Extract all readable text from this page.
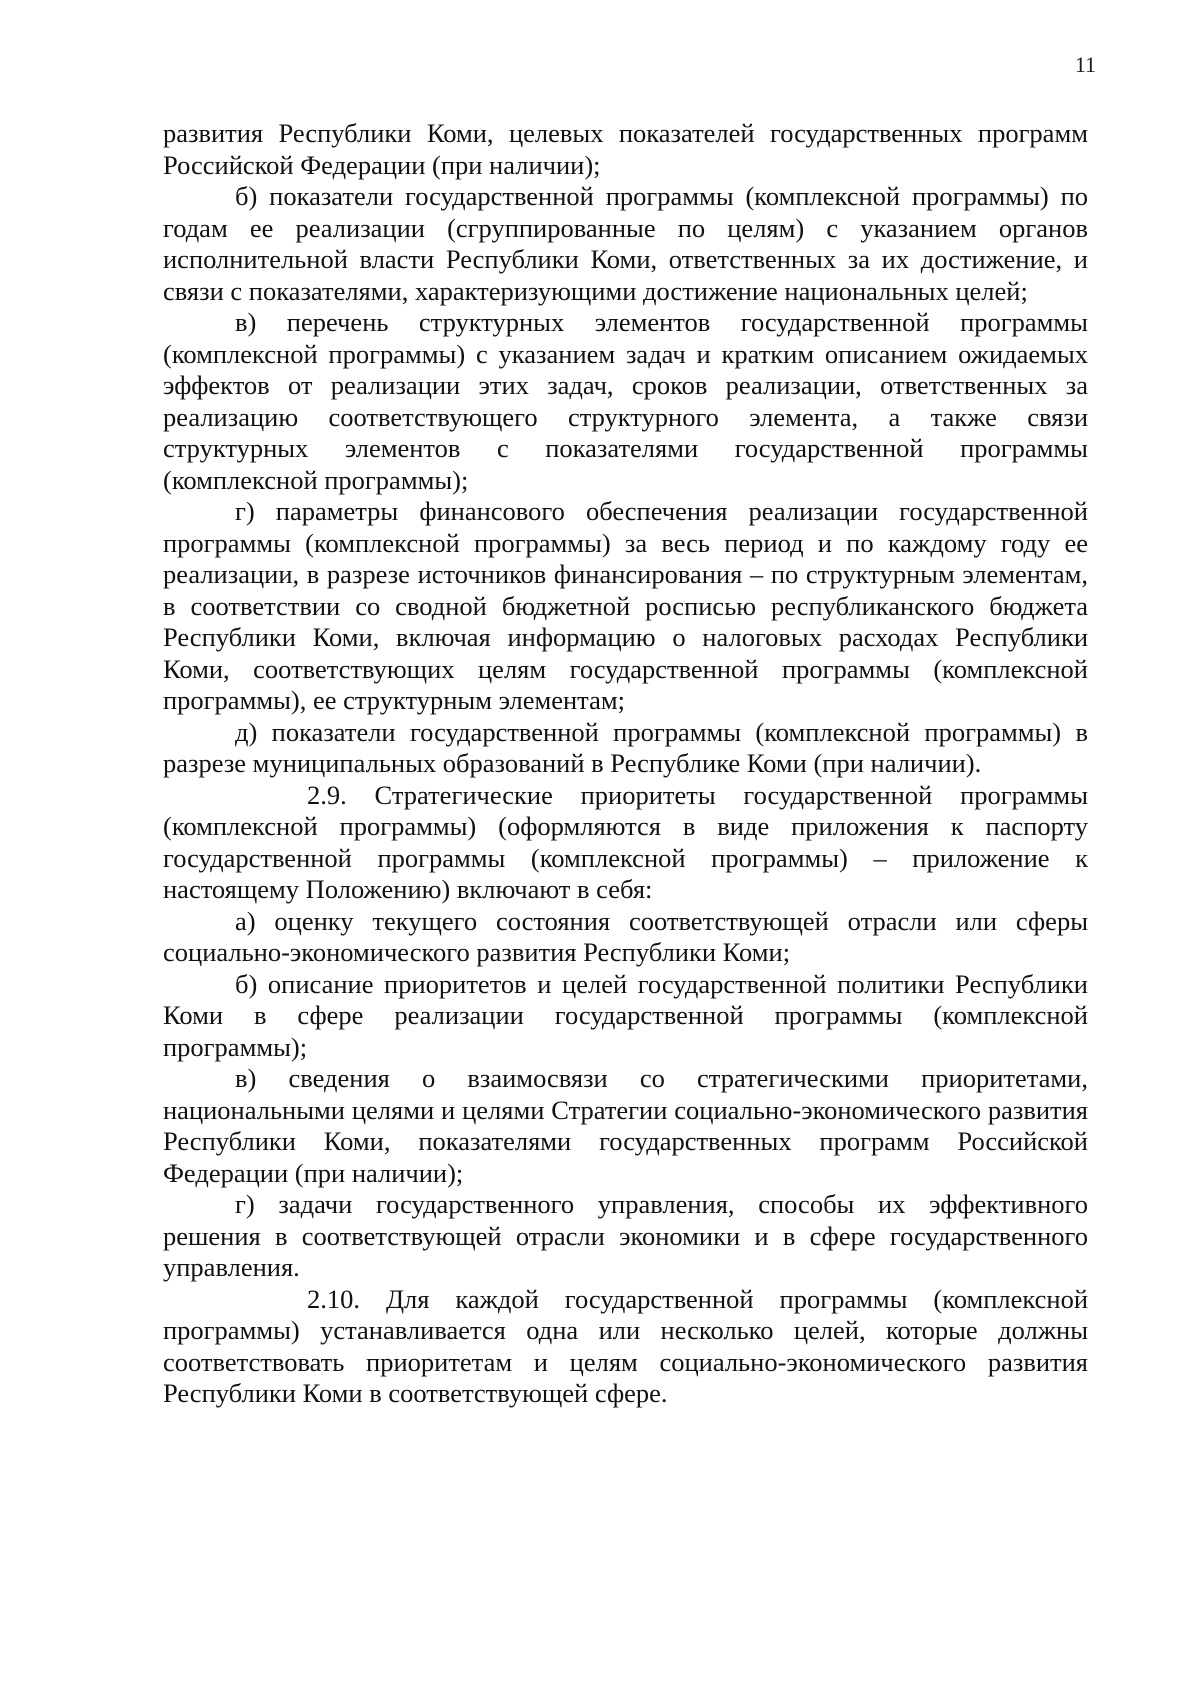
11

развития Республики Коми, целевых показателей государственных программ Российской Федерации (при наличии);

б) показатели государственной программы (комплексной программы) по годам ее реализации (сгруппированные по целям) с указанием органов исполнительной власти Республики Коми, ответственных за их достижение, и связи с показателями, характеризующими достижение национальных целей;

в) перечень структурных элементов государственной программы (комплексной программы) с указанием задач и кратким описанием ожидаемых эффектов от реализации этих задач, сроков реализации, ответственных за реализацию соответствующего структурного элемента, а также связи структурных элементов с показателями государственной программы (комплексной программы);

г) параметры финансового обеспечения реализации государственной программы (комплексной программы) за весь период и по каждому году ее реализации, в разрезе источников финансирования – по структурным элементам, в соответствии со сводной бюджетной росписью республиканского бюджета Республики Коми, включая информацию о налоговых расходах Республики Коми, соответствующих целям государственной программы (комплексной программы), ее структурным элементам;

д) показатели государственной программы (комплексной программы) в разрезе муниципальных образований в Республике Коми (при наличии).

2.9. Стратегические приоритеты государственной программы (комплексной программы) (оформляются в виде приложения к паспорту государственной программы (комплексной программы) – приложение к настоящему Положению) включают в себя:

а) оценку текущего состояния соответствующей отрасли или сферы социально-экономического развития Республики Коми;

б) описание приоритетов и целей государственной политики Республики Коми в сфере реализации государственной программы (комплексной программы);

в) сведения о взаимосвязи со стратегическими приоритетами, национальными целями и целями Стратегии социально-экономического развития Республики Коми, показателями государственных программ Российской Федерации (при наличии);

г) задачи государственного управления, способы их эффективного решения в соответствующей отрасли экономики и в сфере государственного управления.

2.10. Для каждой государственной программы (комплексной программы) устанавливается одна или несколько целей, которые должны соответствовать приоритетам и целям социально-экономического развития Республики Коми в соответствующей сфере.
